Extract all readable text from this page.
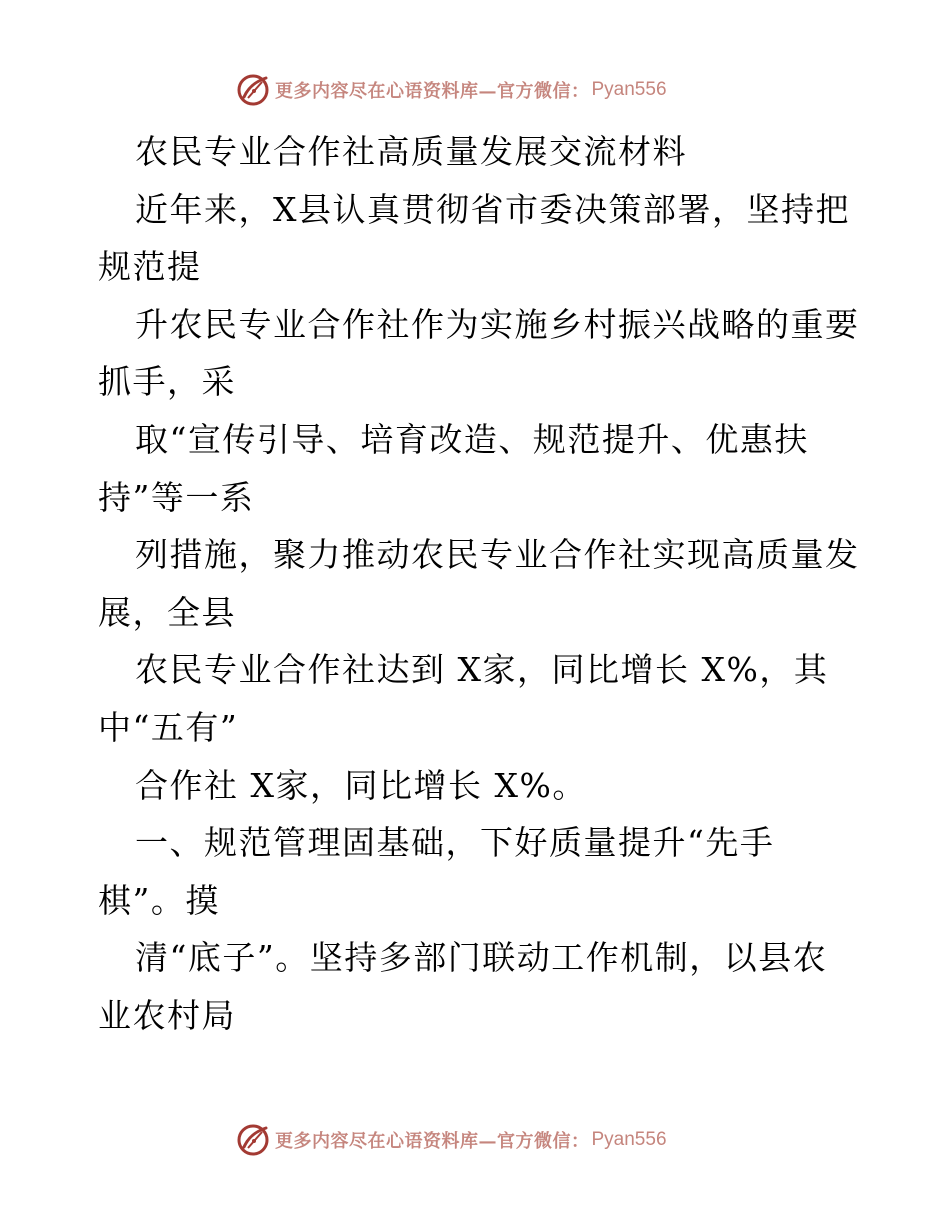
更多内容尽在心语资料库—官方微信： Pyan556
农民专业合作社高质量发展交流材料
近年来，X县认真贯彻省市委决策部署，坚持把
规范提
升农民专业合作社作为实施乡村振兴战略的重要
抓手，采
取“宣传引导、培育改造、规范提升、优惠扶
持”等一系
列措施，聚力推动农民专业合作社实现高质量发
展，全县
农民专业合作社达到 X家，同比增长 X%，其
中“五有”
合作社 X家，同比增长 X%。
一、规范管理固基础，下好质量提升“先手
棋”。摸
清“底子”。坚持多部门联动工作机制，以县农
业农村局
更多内容尽在心语资料库—官方微信： Pyan556
